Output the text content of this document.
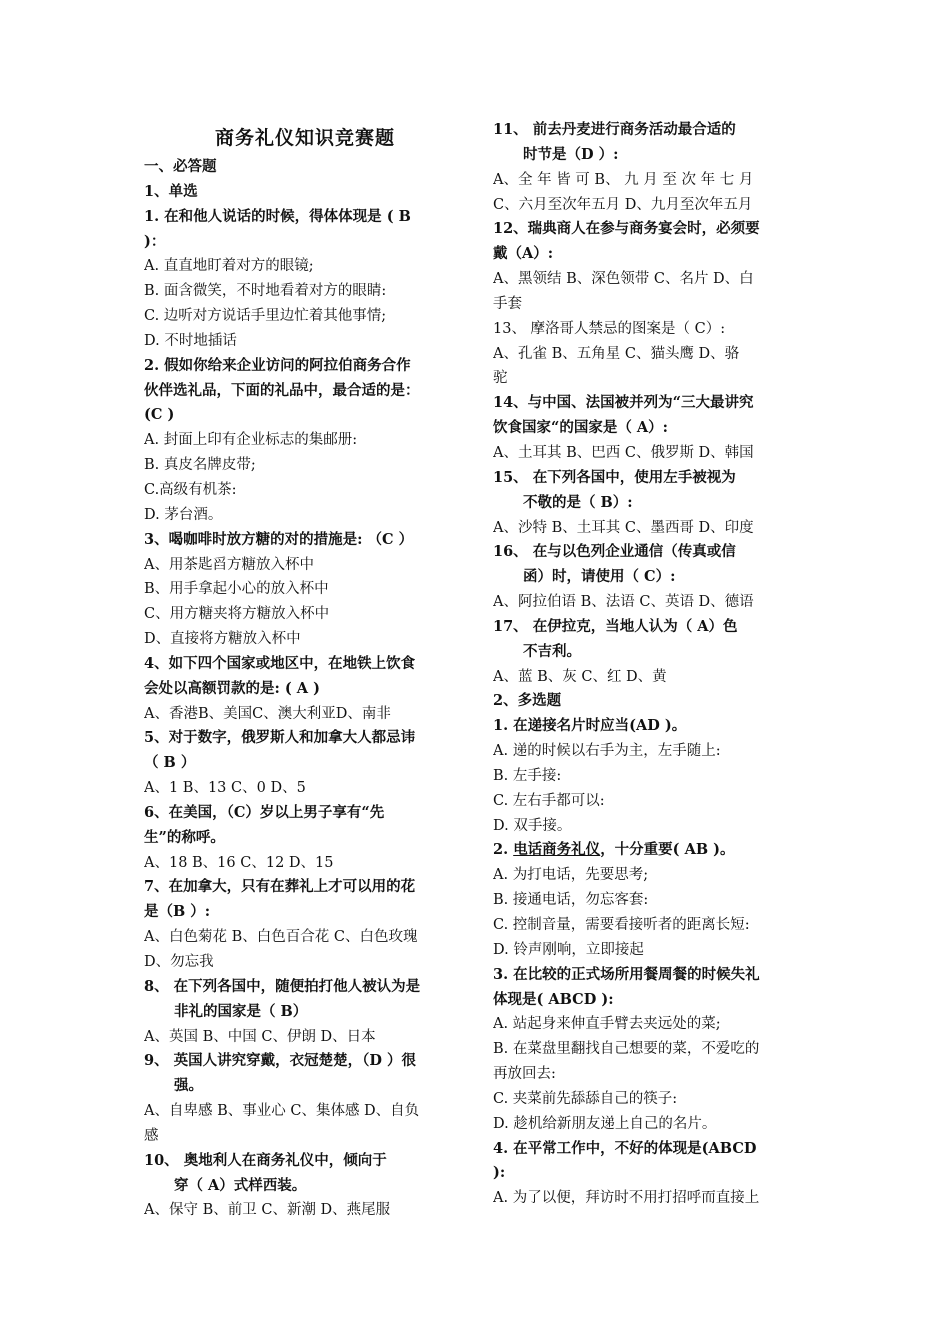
商务礼仪知识竞赛题
一、必答题
1、单选
1. 在和他人说话的时候，得体体现是 ( B
)：
A. 直直地盯着对方的眼镜;
B. 面含微笑，不时地看着对方的眼睛:
C. 边听对方说话手里边忙着其他事情;
D. 不时地插话
2. 假如你给来企业访问的阿拉伯商务合作
伙伴选礼品，下面的礼品中，最合适的是：
(C )
A. 封面上印有企业标志的集邮册:
B. 真皮名牌皮带;
C.高级有机茶:
D. 茅台酒。
3、喝咖啡时放方糖的对的措施是: （C ）
A、用茶匙舀方糖放入杯中
B、用手拿起小心的放入杯中
C、用方糖夹将方糖放入杯中
D、直接将方糖放入杯中
4、如下四个国家或地区中，在地铁上饮食
会处以高额罚款的是: ( A )
A、香港B、美国C、澳大利亚D、南非
5、对于数字，俄罗斯人和加拿大人都忌讳
（ B ）
A、1 B、13 C、0 D、5
6、在美国，（C）岁以上男子享有“先
生”的称呼。
A、18 B、16 C、12 D、15
7、在加拿大，只有在葬礼上才可以用的花
是（B ）:
A、白色菊花 B、白色百合花 C、白色玫瑰
D、勿忘我
8、 在下列各国中，随便拍打他人被认为是
非礼的国家是（ B）
A、英国 B、中国 C、伊朗 D、日本
9、 英国人讲究穿戴，衣冠楚楚，（D ）很
强。
A、自卑感 B、事业心 C、集体感 D、自负
感
10、 奥地利人在商务礼仪中，倾向于
穿（ A）式样西装。
A、保守 B、前卫 C、新潮 D、燕尾服
11、 前去丹麦进行商务活动最合适的
时节是（D ）:
A、全 年 皆 可 B、 九 月 至 次 年 七 月
C、六月至次年五月 D、九月至次年五月
12、瑞典商人在参与商务宴会时，必须要
戴（A）:
A、黑领结 B、深色领带 C、名片 D、白
手套
13、 摩洛哥人禁忌的图案是（ C）:
A、孔雀 B、五角星 C、猫头鹰 D、骆
驼
14、与中国、法国被并列为“三大最讲究
饮食国家“的国家是（ A）:
A、土耳其 B、巴西 C、俄罗斯 D、韩国
15、 在下列各国中，使用左手被视为
不敬的是（ B）:
A、沙特 B、土耳其 C、墨西哥 D、印度
16、 在与以色列企业通信（传真或信
函）时，请使用（ C）:
A、阿拉伯语 B、法语 C、英语 D、德语
17、 在伊拉克，当地人认为（ A）色
不吉利。
A、蓝 B、灰 C、红 D、黄
2、多选题
1. 在递接名片时应当(AD )。
A. 递的时候以右手为主，左手随上:
B. 左手接:
C. 左右手都可以:
D. 双手接。
2. 电话商务礼仪，十分重要( AB )。
A. 为打电话，先要思考;
B. 接通电话，勿忘客套:
C. 控制音量，需要看接听者的距离长短:
D. 铃声刚响，立即接起
3. 在比较的正式场所用餐周餐的时候失礼
体现是( ABCD ):
A. 站起身来伸直手臂去夹远处的菜;
B. 在菜盘里翻找自己想要的菜，不爱吃的
再放回去:
C. 夹菜前先舔舔自己的筷子:
D. 趁机给新朋友递上自己的名片。
4. 在平常工作中，不好的体现是(ABCD
):
A. 为了以便，拜访时不用打招呼而直接上
